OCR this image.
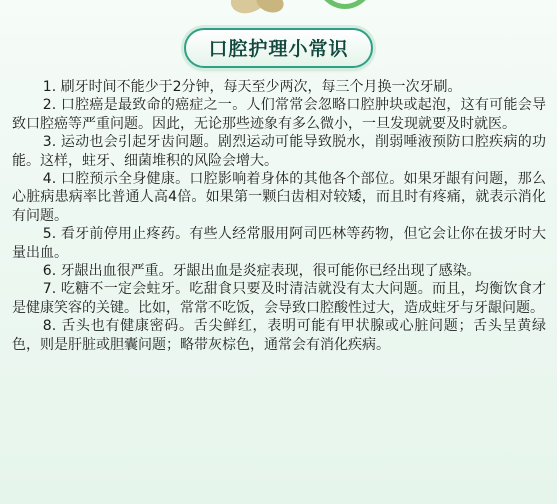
口腔护理小常识

1. 刷牙时间不能少于2分钟，每天至少两次，每三个月换一次牙刷。

2. 口腔癌是最致命的癌症之一。人们常常会忽略口腔肿块或起泡，这有可能会导致口腔癌等严重问题。因此，无论那些迹象有多么微小，一旦发现就要及时就医。

3. 运动也会引起牙齿问题。剧烈运动可能导致脱水，削弱唾液预防口腔疾病的功能。这样，蛀牙、细菌堆积的风险会增大。

4. 口腔预示全身健康。口腔影响着身体的其他各个部位。如果牙龈有问题，那么心脏病患病率比普通人高4倍。如果第一颗臼齿相对较矮，而且时有疼痛，就表示消化有问题。

5. 看牙前停用止疼药。有些人经常服用阿司匹林等药物，但它会让你在拔牙时大量出血。

6. 牙龈出血很严重。牙龈出血是炎症表现，很可能你已经出现了感染。

7. 吃糖不一定会蛀牙。吃甜食只要及时清洁就没有太大问题。而且，均衡饮食才是健康笑容的关键。比如，常常不吃饭，会导致口腔酸性过大，造成蛀牙与牙龈问题。

8. 舌头也有健康密码。舌尖鲜红，表明可能有甲状腺或心脏问题；舌头呈黄绿色，则是肝脏或胆囊问题；略带灰棕色，通常会有消化疾病。
